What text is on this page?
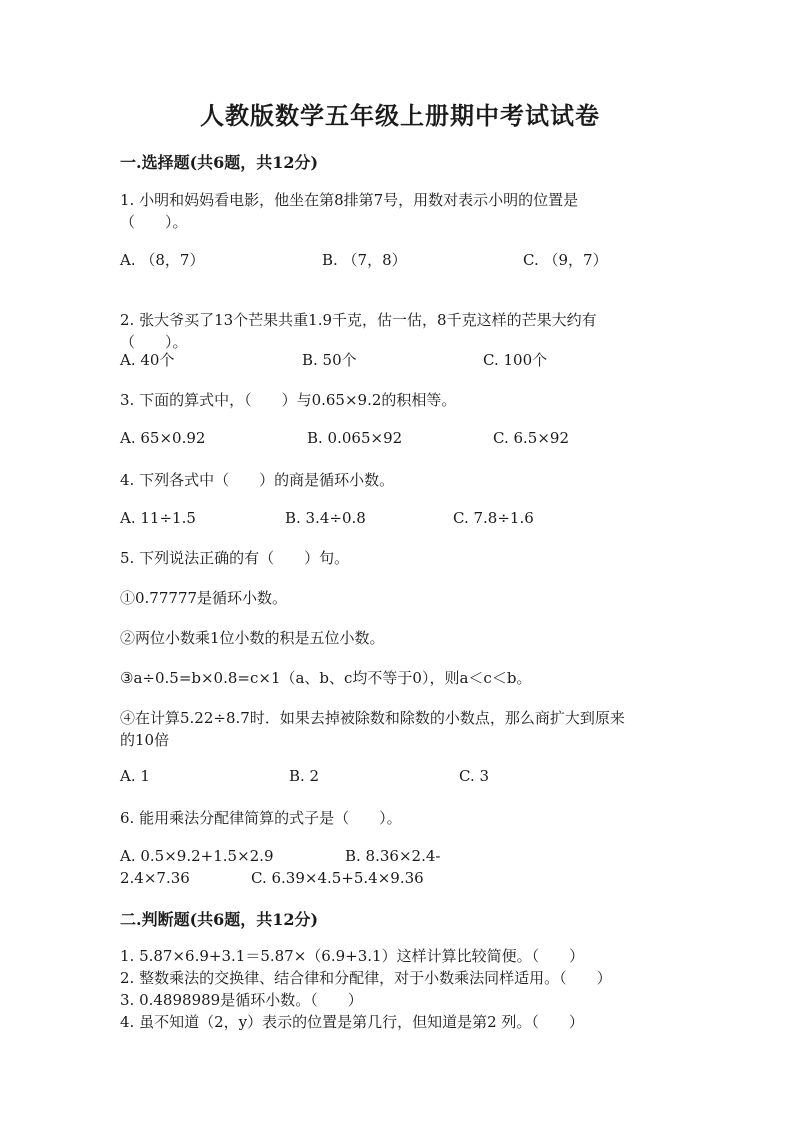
人教版数学五年级上册期中考试试卷
一.选择题(共6题，共12分)
1. 小明和妈妈看电影，他坐在第8排第7号，用数对表示小明的位置是
（　　）。
A. （8，7）	B. （7，8）	C. （9，7）
2. 张大爷买了13个芒果共重1.9千克，估一估，8千克这样的芒果大约有
（　　）。
A. 40个	B. 50个	C. 100个
3. 下面的算式中，（　　）与0.65×9.2的积相等。
A. 65×0.92	B. 0.065×92	C. 6.5×92
4. 下列各式中（　　）的商是循环小数。
A. 11÷1.5	B. 3.4÷0.8	C. 7.8÷1.6
5. 下列说法正确的有（　　）句。
①0.77777是循环小数。
②两位小数乘1位小数的积是五位小数。
③a÷0.5=b×0.8=c×1（a、b、c均不等于0），则a＜c＜b。
④在计算5.22÷8.7时．如果去掉被除数和除数的小数点，那么商扩大到原来
的10倍
A. 1	B. 2	C. 3
6. 能用乘法分配律简算的式子是（　　）。
A. 0.5×9.2+1.5×2.9	B. 8.36×2.4-
2.4×7.36	C. 6.39×4.5+5.4×9.36
二.判断题(共6题，共12分)
1. 5.87×6.9+3.1＝5.87×（6.9+3.1）这样计算比较简便。（　　）
2. 整数乘法的交换律、结合律和分配律，对于小数乘法同样适用。（　　）
3. 0.4898989是循环小数。（　　）
4. 虽不知道（2，y）表示的位置是第几行，但知道是第2 列。（　　）
